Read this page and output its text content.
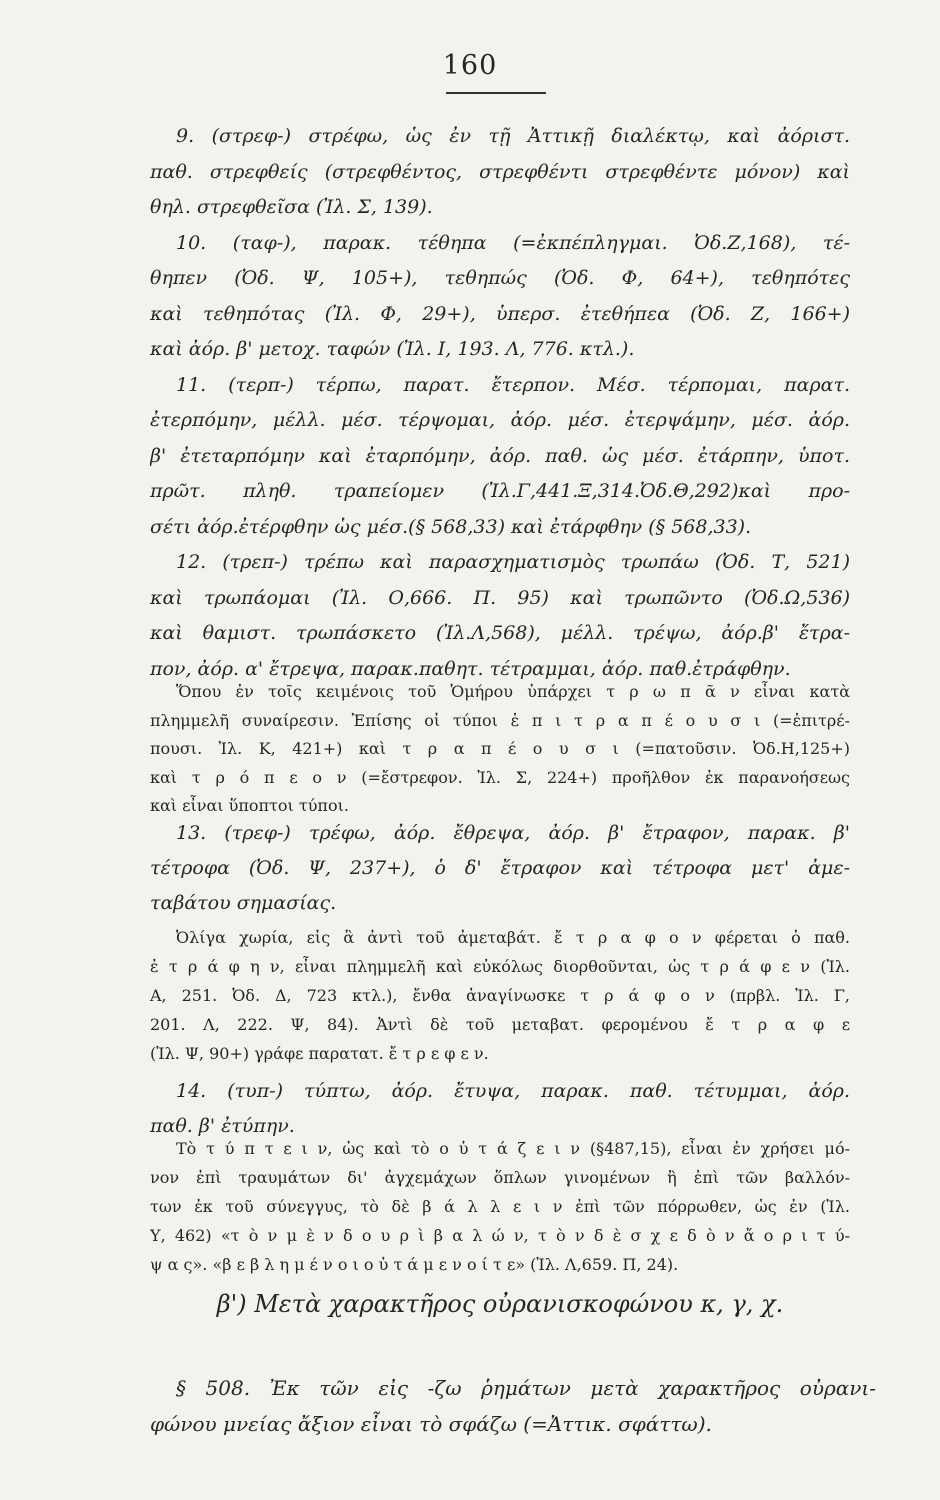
160
9. (στρεφ-) στρέφω, ὡς ἐν τῇ Ἀττικῇ διαλέκτῳ, καὶ ἀόριστ.
παθ. στρεφθείς (στρεφθέντος, στρεφθέντι στρεφθέντε μόνον) καὶ
θηλ. στρεφθεῖσα (Ἰλ. Σ, 139).
10. (ταφ-), παρακ. τέθηπα (=ἐκπέπληγμαι. Ὀδ.Ζ,168), τέ-
θηπεν (Ὀδ. Ψ, 105+), τεθηπώς (Ὀδ. Φ, 64+), τεθηπότες
καὶ τεθηπότας (Ἰλ. Φ, 29+), ὑπερσ. ἐτεθήπεα (Ὀδ. Ζ, 166+)
καὶ ἀόρ. β' μετοχ. ταφών (Ἰλ. Ι, 193. Λ, 776. κτλ.).
11. (τερπ-) τέρπω, παρατ. ἔτερπον. Μέσ. τέρπομαι, παρατ.
ἐτερπόμην, μέλλ. μέσ. τέρψομαι, ἀόρ. μέσ. ἐτερψάμην, μέσ. ἀόρ.
β' ἐτεταρπόμην καὶ ἐταρπόμην, ἀόρ. παθ. ὡς μέσ. ἐτάρπην, ὑποτ.
πρῶτ. πληθ. τραπείομεν (Ἰλ.Γ,441.Ξ,314.Ὀδ.Θ,292)καὶ προ-
σέτι ἀόρ.ἐτέρφθην ὡς μέσ.(§ 568,33) καὶ ἐτάρφθην (§ 568,33).
12. (τρεπ-) τρέπω καὶ παρασχηματισμὸς τρωπάω (Ὀδ. Τ, 521)
καὶ τρωπάομαι (Ἰλ. Ο,666. Π. 95) καὶ τρωπῶντο (Ὀδ.Ω,536)
καὶ θαμιστ. τρωπάσκετο (Ἰλ.Λ,568), μέλλ. τρέψω, ἀόρ.β' ἔτρα-
πον, ἀόρ. α' ἔτρεψα, παρακ.παθητ. τέτραμμαι, ἀόρ. παθ.ἐτράφθην.
Ὅπου ἐν τοῖς κειμένοις τοῦ Ὁμήρου ὑπάρχει τ ρ ω π ᾶ ν εἶναι κατὰ
πλημμελῆ συναίρεσιν. Ἐπίσης οἱ τύποι ἐ π ι τ ρ α π έ ο υ σ ι (=ἐπιτρέ-
πουσι. Ἰλ. Κ, 421+) καὶ τ ρ α π έ ο υ σ ι (=πατοῦσιν. Ὀδ.Η,125+)
καὶ τ ρ ό π ε ο ν (=ἔστρεφον. Ἰλ. Σ, 224+) προῆλθον ἐκ παρανοήσεως
καὶ εἶναι ὕποπτοι τύποι.
13. (τρεφ-) τρέφω, ἀόρ. ἔθρεψα, ἀόρ. β' ἔτραφον, παρακ. β'
τέτροφα (Ὀδ. Ψ, 237+), ὁ δ' ἔτραφον καὶ τέτροφα μετ' ἀμε-
ταβάτου σημασίας.
Ὀλίγα χωρία, εἰς ἃ ἀντὶ τοῦ ἀμεταβάτ. ἔ τ ρ α φ ο ν φέρεται ὁ παθ.
ἐ τ ρ ά φ η ν, εἶναι πλημμελῆ καὶ εὐκόλως διορθοῦνται, ὡς τ ρ ά φ ε ν (Ἰλ.
Α, 251. Ὀδ. Δ, 723 κτλ.), ἔνθα ἀναγίνωσκε τ ρ ά φ ο ν (πρβλ. Ἰλ. Γ,
201. Λ, 222. Ψ, 84). Ἀντὶ δὲ τοῦ μεταβατ. φερομένου ἔ τ ρ α φ ε
(Ἰλ. Ψ, 90+) γράφε παρατατ. ἔ τ ρ ε φ ε ν.
14. (τυπ-) τύπτω, ἀόρ. ἔτυψα, παρακ. παθ. τέτυμμαι, ἀόρ.
παθ. β' ἐτύπην.
Τὸ τ ύ π τ ε ι ν, ὡς καὶ τὸ ο ὐ τ ά ζ ε ι ν (§487,15), εἶναι ἐν χρήσει μό-
νον ἐπὶ τραυμάτων δι' ἀγχεμάχων ὅπλων γινομένων ἢ ἐπὶ τῶν βαλλόν-
των ἐκ τοῦ σύνεγγυς, τὸ δὲ β ά λ λ ε ι ν ἐπὶ τῶν πόρρωθεν, ὡς ἐν (Ἰλ.
Υ, 462) «τ ὸ ν μ ὲ ν δ ο υ ρ ὶ β α λ ώ ν, τ ὸ ν δ ὲ σ χ ε δ ὸ ν ἄ ο ρ ι τ ύ-
ψ α ς». «β ε β λ η μ έ ν ο ι ο ὐ τ ά μ ε ν ο ί τ ε» (Ἰλ. Λ,659. Π, 24).
β') Μετὰ χαρακτῆρος οὐρανισκοφώνου κ, γ, χ.
§ 508. Ἐκ τῶν εἰς -ζω ῥημάτων μετὰ χαρακτῆρος οὐρανι-
φώνου μνείας ἄξιον εἶναι τὸ σφάζω (=Ἀττικ. σφάττω).
